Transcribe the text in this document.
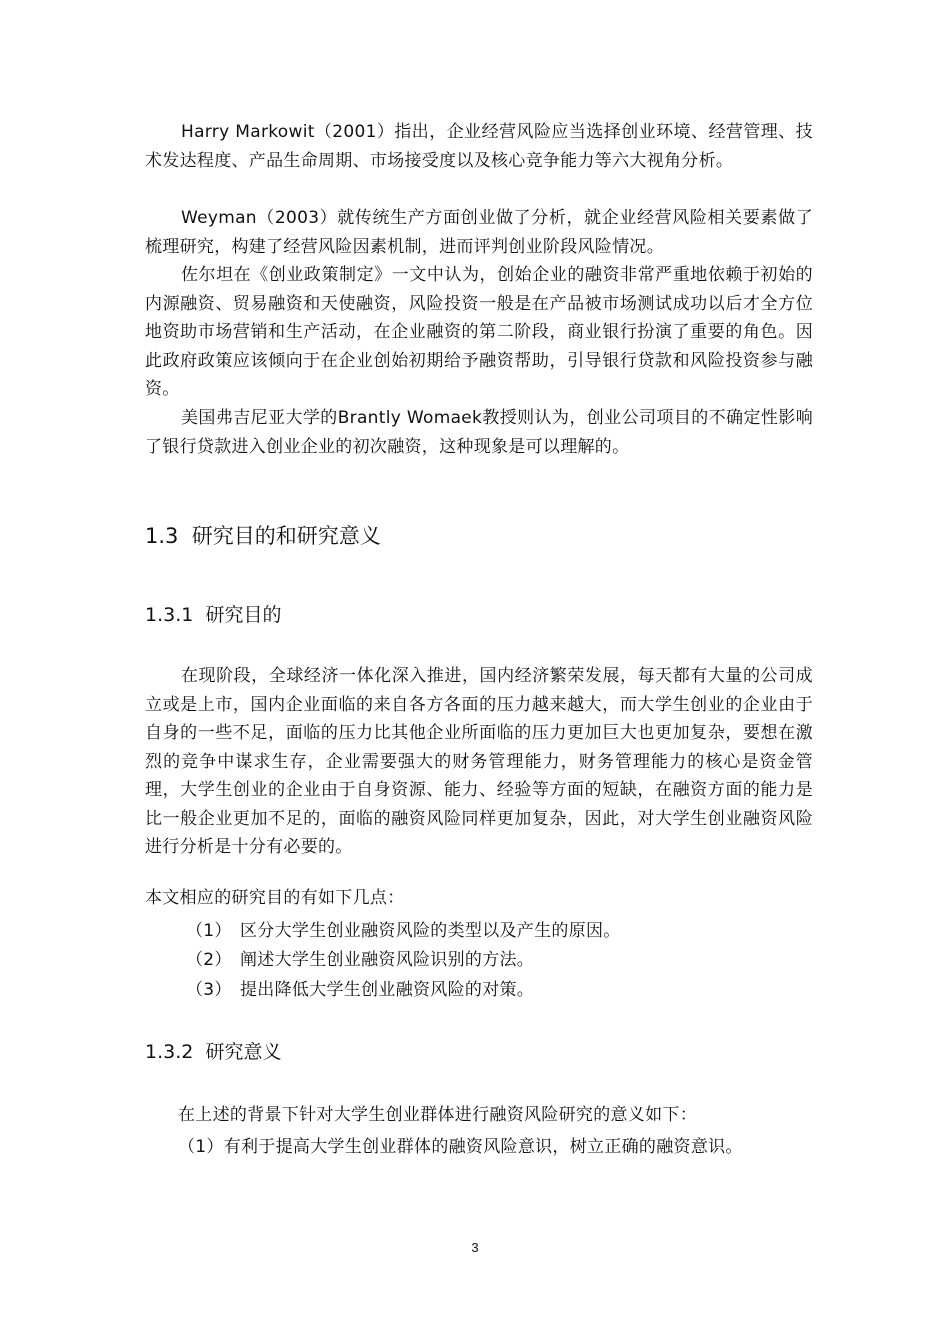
Harry Markowit（2001）指出，企业经营风险应当选择创业环境、经营管理、技术发达程度、产品生命周期、市场接受度以及核心竞争能力等六大视角分析。

Weyman（2003）就传统生产方面创业做了分析，就企业经营风险相关要素做了梳理研究，构建了经营风险因素机制，进而评判创业阶段风险情况。

佐尔坦在《创业政策制定》一文中认为，创始企业的融资非常严重地依赖于初始的内源融资、贸易融资和天使融资，风险投资一般是在产品被市场测试成功以后才全方位地资助市场营销和生产活动，在企业融资的第二阶段，商业银行扮演了重要的角色。因此政府政策应该倾向于在企业创始初期给予融资帮助，引导银行贷款和风险投资参与融资。

美国弗吉尼亚大学的Brantly Womaek教授则认为，创业公司项目的不确定性影响了银行贷款进入创业企业的初次融资，这种现象是可以理解的。

1.3 研究目的和研究意义
1.3.1 研究目的

在现阶段，全球经济一体化深入推进，国内经济繁荣发展，每天都有大量的公司成立或是上市，国内企业面临的来自各方各面的压力越来越大，而大学生创业的企业由于自身的一些不足，面临的压力比其他企业所面临的压力更加巨大也更加复杂，要想在激烈的竞争中谋求生存，企业需要强大的财务管理能力，财务管理能力的核心是资金管理，大学生创业的企业由于自身资源、能力、经验等方面的短缺，在融资方面的能力是比一般企业更加不足的，面临的融资风险同样更加复杂，因此，对大学生创业融资风险进行分析是十分有必要的。

本文相应的研究目的有如下几点：

（1） 区分大学生创业融资风险的类型以及产生的原因。

（2） 阐述大学生创业融资风险识别的方法。

（3） 提出降低大学生创业融资风险的对策。

1.3.2 研究意义

在上述的背景下针对大学生创业群体进行融资风险研究的意义如下：

（1）有利于提高大学生创业群体的融资风险意识，树立正确的融资意识。

3
